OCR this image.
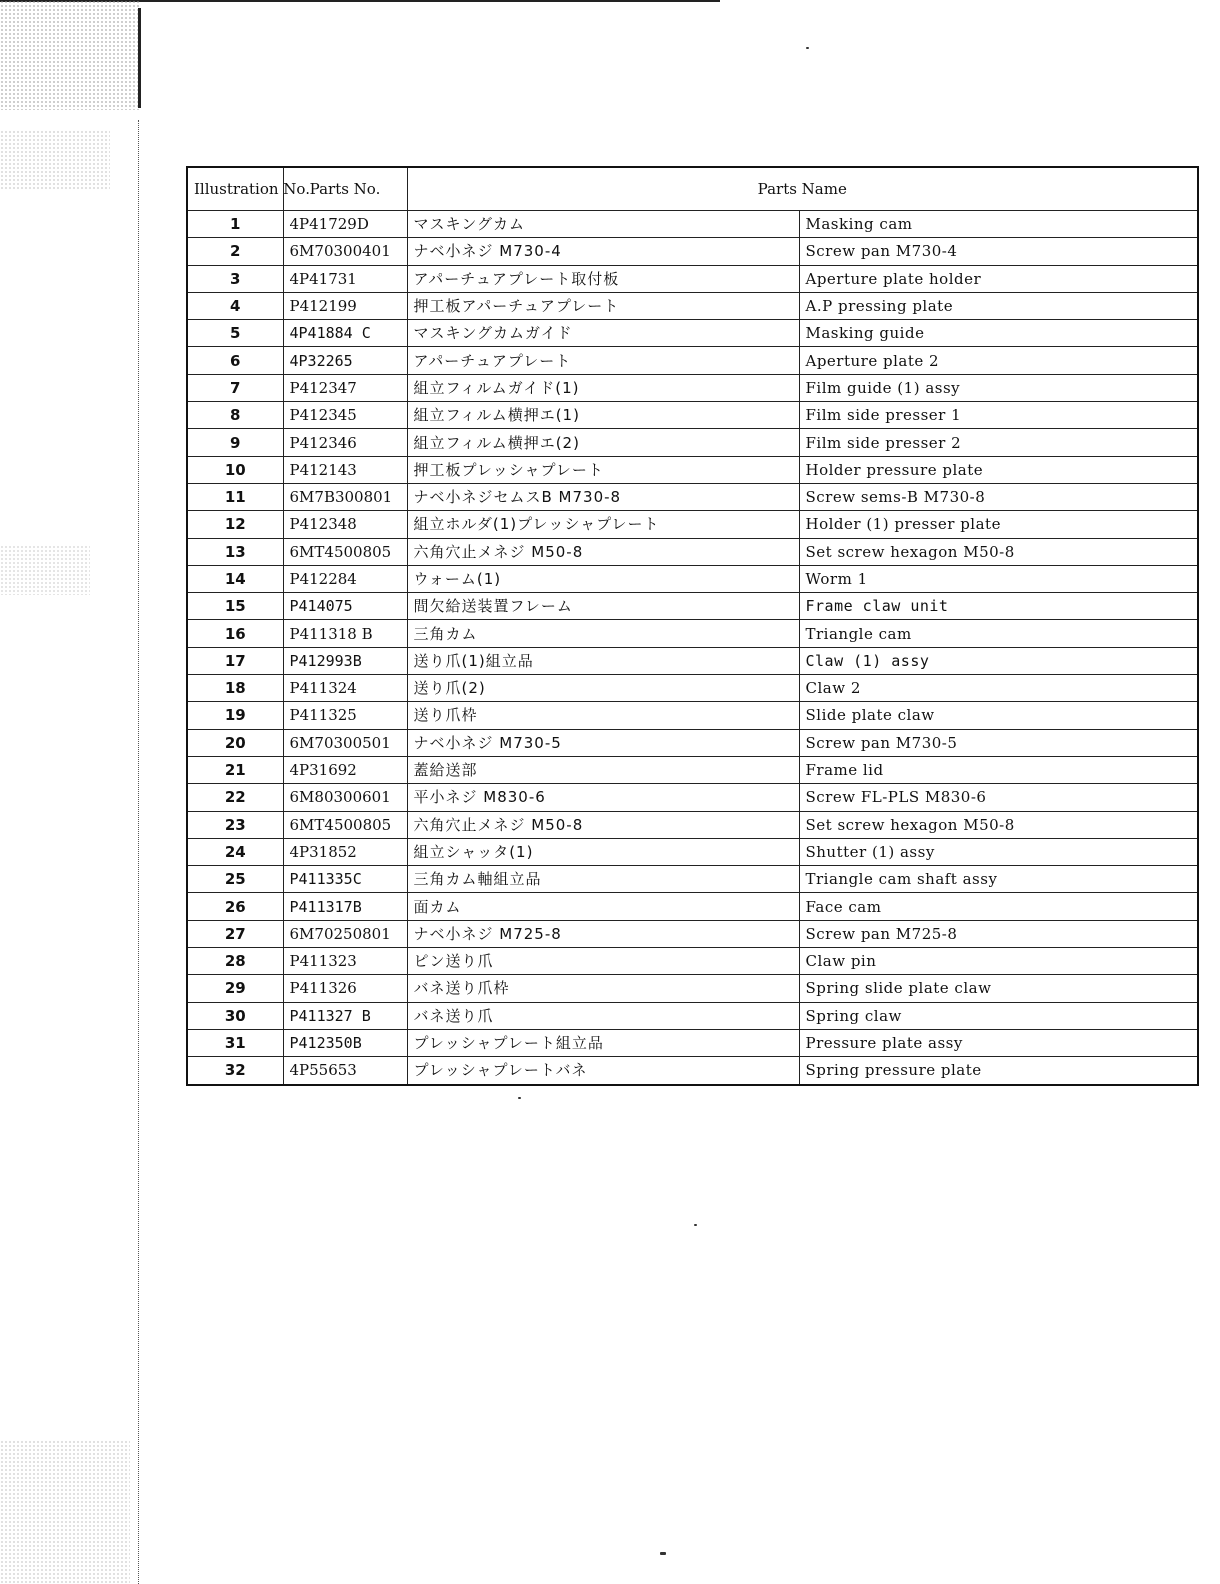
Illustration No.	Parts No.	Parts Name	
1	4P41729D	マスキングカム	Masking cam
2	6M70300401	ナベ小ネジ M730-4	Screw pan M730-4
3	4P41731	アパーチュアプレート取付板	Aperture plate holder
4	P412199	押工板アパーチュアプレート	A.P pressing plate
5	4P41884 C	マスキングカムガイド	Masking guide
6	4P32265	アパーチュアプレート	Aperture plate 2
7	P412347	組立フィルムガイド(1)	Film guide (1) assy
8	P412345	組立フィルム横押エ(1)	Film side presser 1
9	P412346	組立フィルム横押エ(2)	Film side presser 2
10	P412143	押工板プレッシャプレート	Holder pressure plate
11	6M7B300801	ナベ小ネジセムスB M730-8	Screw sems-B M730-8
12	P412348	組立ホルダ(1)プレッシャプレート	Holder (1) presser plate
13	6MT4500805	六角穴止メネジ M50-8	Set screw hexagon M50-8
14	P412284	ウォーム(1)	Worm 1
15	P414075	間欠給送装置フレーム	Frame claw unit
16	P411318 B	三角カム	Triangle cam
17	P412993B	送り爪(1)組立品	Claw (1) assy
18	P411324	送り爪(2)	Claw 2
19	P411325	送り爪枠	Slide plate claw
20	6M70300501	ナベ小ネジ M730-5	Screw pan M730-5
21	4P31692	蓋給送部	Frame lid
22	6M80300601	平小ネジ M830-6	Screw FL-PLS M830-6
23	6MT4500805	六角穴止メネジ M50-8	Set screw hexagon M50-8
24	4P31852	組立シャッタ(1)	Shutter (1) assy
25	P411335C	三角カム軸組立品	Triangle cam shaft assy
26	P411317B	面カム	Face cam
27	6M70250801	ナベ小ネジ M725-8	Screw pan M725-8
28	P411323	ピン送り爪	Claw pin
29	P411326	バネ送り爪枠	Spring slide plate claw
30	P411327 B	バネ送り爪	Spring claw
31	P412350B	プレッシャプレート組立品	Pressure plate assy
32	4P55653	プレッシャプレートバネ	Spring pressure plate
